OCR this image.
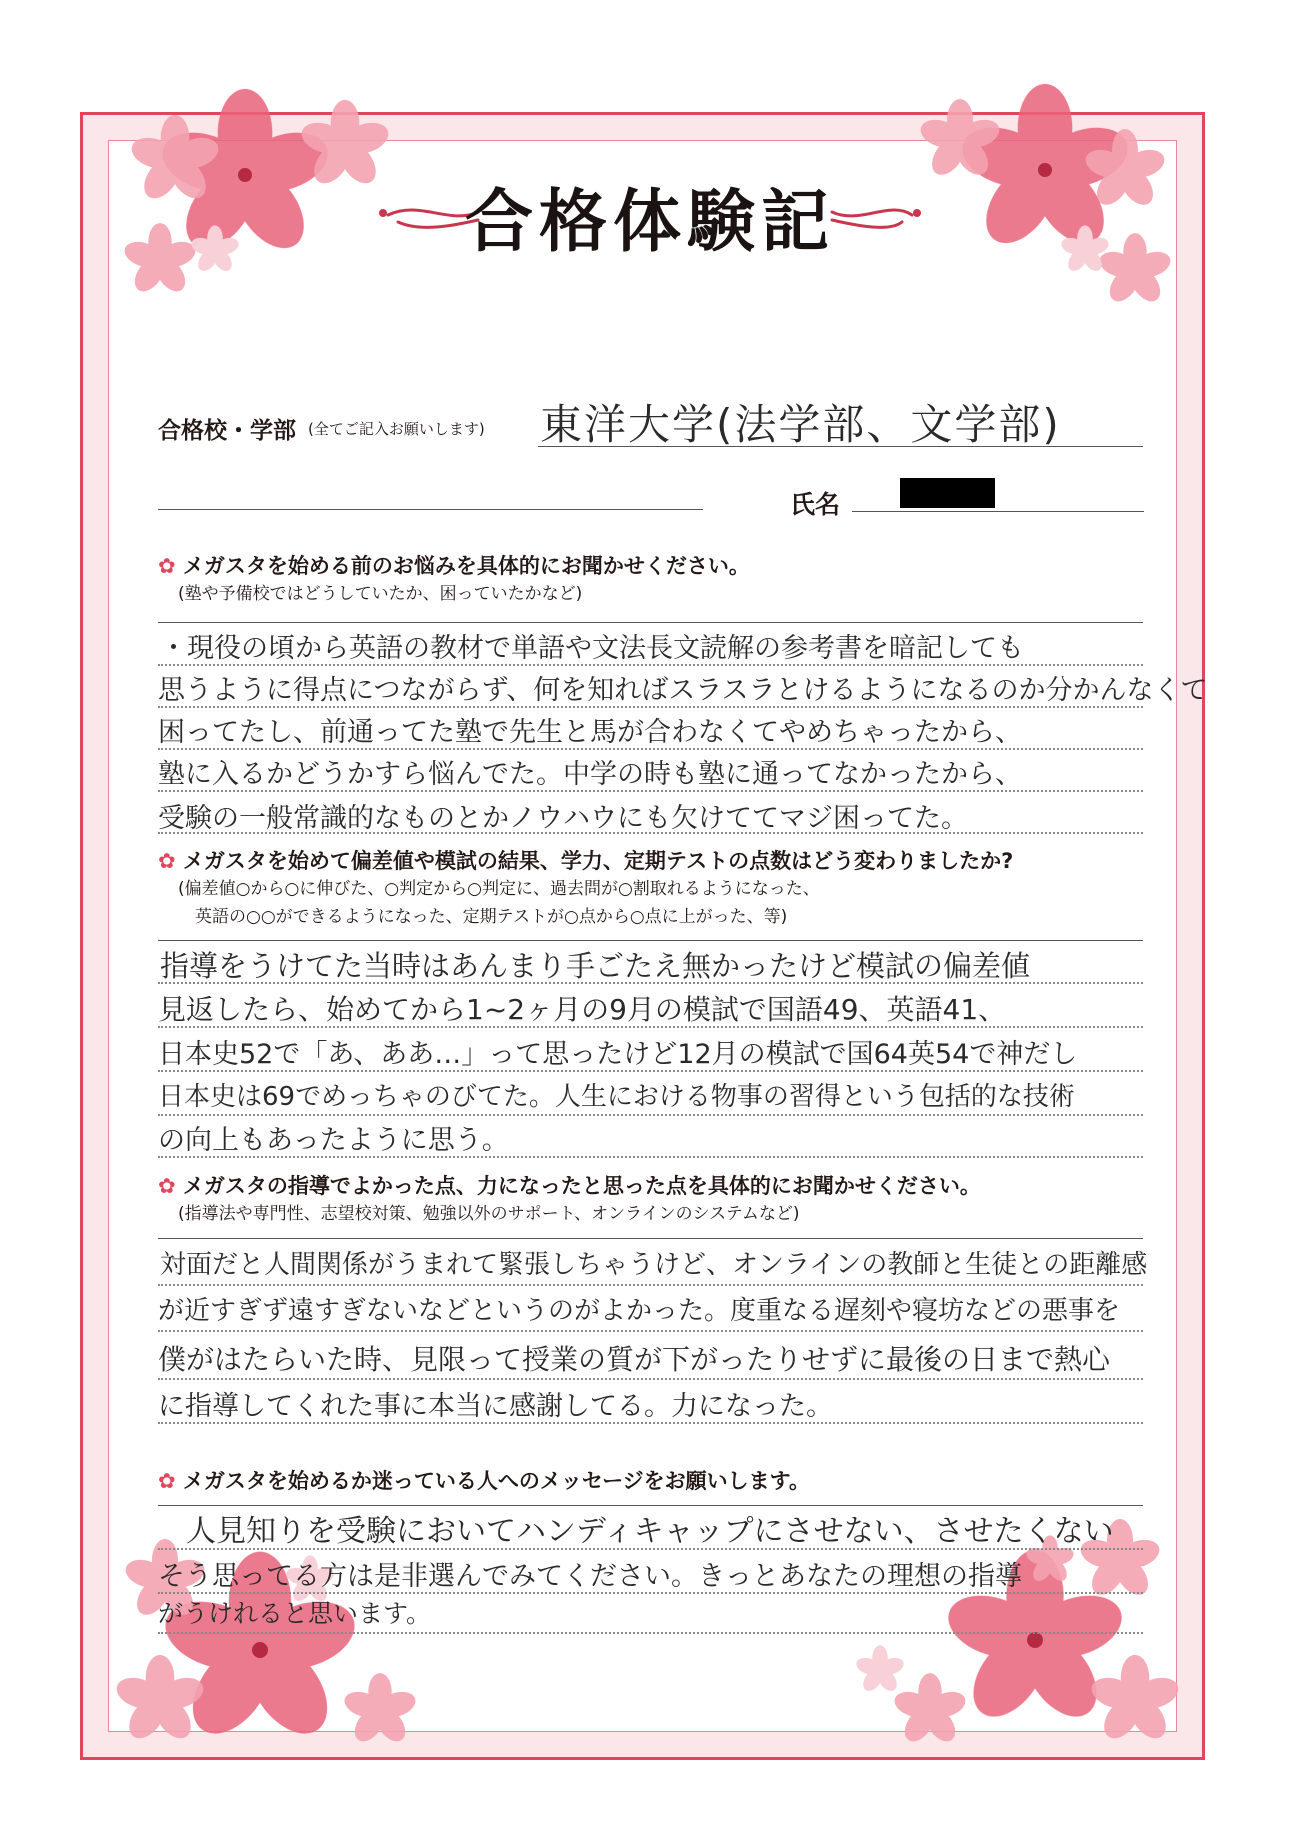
合格体験記
合格校・学部 (全てご記入お願いします) 東洋大学(法学部、文学部)
氏名
✿ メガスタを始める前のお悩みを具体的にお聞かせください。
(塾や予備校ではどうしていたか、困っていたかなど)
・現役の頃から英語の教材で単語や文法長文読解の参考書を暗記しても
思うように得点につながらず、何を知ればスラスラとけるようになるのか分かんなくて
困ってたし、前通ってた塾で先生と馬が合わなくてやめちゃったから、
塾に入るかどうかすら悩んでた。中学の時も塾に通ってなかったから、
受験の一般常識的なものとかノウハウにも欠けててマジ困ってた。
✿ メガスタを始めて偏差値や模試の結果、学力、定期テストの点数はどう変わりましたか?
(偏差値○から○に伸びた、○判定から○判定に、過去問が○割取れるようになった、
英語の○○ができるようになった、定期テストが○点から○点に上がった、等)
指導をうけてた当時はあんまり手ごたえ無かったけど模試の偏差値
見返したら、始めてから1~2ヶ月の9月の模試で国語49、英語41、
日本史52で「あ、ああ…」って思ったけど12月の模試で国64英54で神だし
日本史は69でめっちゃのびてた。人生における物事の習得という包括的な技術
の向上もあったように思う。
✿ メガスタの指導でよかった点、力になったと思った点を具体的にお聞かせください。
(指導法や専門性、志望校対策、勉強以外のサポート、オンラインのシステムなど)
対面だと人間関係がうまれて緊張しちゃうけど、オンラインの教師と生徒との距離感
が近すぎず遠すぎないなどというのがよかった。度重なる遅刻や寝坊などの悪事を
僕がはたらいた時、見限って授業の質が下がったりせずに最後の日まで熱心
に指導してくれた事に本当に感謝してる。力になった。
✿ メガスタを始めるか迷っている人へのメッセージをお願いします。
人見知りを受験においてハンディキャップにさせない、させたくない
そう思ってる方は是非選んでみてください。きっとあなたの理想の指導
がうけれると思います。
